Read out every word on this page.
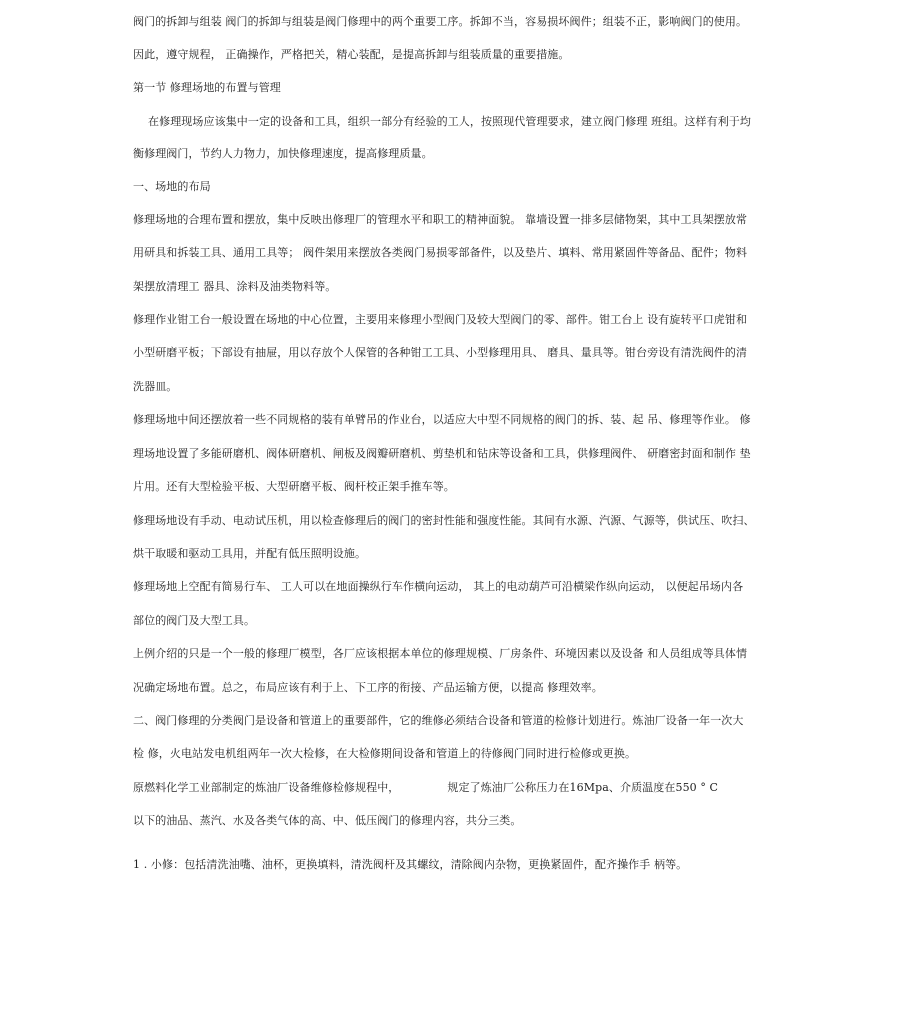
阀门的拆卸与组装 阀门的拆卸与组装是阀门修理中的两个重要工序。拆卸不当，容易损坏阀件；组装不正，影响阀门的使用。
因此，遵守规程， 正确操作，严格把关，精心装配，是提高拆卸与组装质量的重要措施。
第一节 修理场地的布置与管理
在修理现场应该集中一定的设备和工具，组织一部分有经验的工人，按照现代管理要求，建立阀门修理 班组。这样有利于均
衡修理阀门，节约人力物力，加快修理速度，提高修理质量。
一、场地的布局
修理场地的合理布置和摆放，集中反映出修理厂的管理水平和职工的精神面貌。 靠墙设置一排多层储物架，其中工具架摆放常
用研具和拆装工具、通用工具等； 阀件架用来摆放各类阀门易损零部备件，以及垫片、填料、常用紧固件等备品、配件；物料
架摆放清理工 器具、涂料及油类物料等。
修理作业钳工台一般设置在场地的中心位置，主要用来修理小型阀门及较大型阀门的零、部件。钳工台上 设有旋转平口虎钳和
小型研磨平板；下部设有抽屉，用以存放个人保管的各种钳工工具、小型修理用具、 磨具、量具等。钳台旁设有清洗阀件的清
洗器皿。
修理场地中间还摆放着一些不同规格的装有单臂吊的作业台，以适应大中型不同规格的阀门的拆、装、起 吊、修理等作业。 修
理场地设置了多能研磨机、阀体研磨机、闸板及阀瓣研磨机、剪垫机和钻床等设备和工具，供修理阀件、 研磨密封面和制作 垫
片用。还有大型检验平板、大型研磨平板、阀杆校正架手推车等。
修理场地设有手动、电动试压机，用以检查修理后的阀门的密封性能和强度性能。其间有水源、汽源、气源等，供试压、吹扫、
烘干取暖和驱动工具用，并配有低压照明设施。
修理场地上空配有简易行车、 工人可以在地面操纵行车作横向运动， 其上的电动葫芦可沿横梁作纵向运动， 以便起吊场内各
部位的阀门及大型工具。
上例介绍的只是一个一般的修理厂模型，各厂应该根据本单位的修理规模、厂房条件、环境因素以及设备 和人员组成等具体情
况确定场地布置。总之，布局应该有利于上、下工序的衔接、产品运输方便，以提高 修理效率。
二、阀门修理的分类阀门是设备和管道上的重要部件，它的维修必须结合设备和管道的检修计划进行。炼油厂设备一年一次大
检 修，火电站发电机组两年一次大检修，在大检修期间设备和管道上的待修阀门同时进行检修或更换。
原燃料化学工业部制定的炼油厂设备维修检修规程中，	规定了炼油厂公称压力在16Mpa、介质温度在550 ° C
以下的油品、蒸汽、水及各类气体的高、中、低压阀门的修理内容，共分三类。
1 . 小修：包括清洗油嘴、油杯，更换填料，清洗阀杆及其螺纹，清除阀内杂物，更换紧固件，配齐操作手 柄等。
